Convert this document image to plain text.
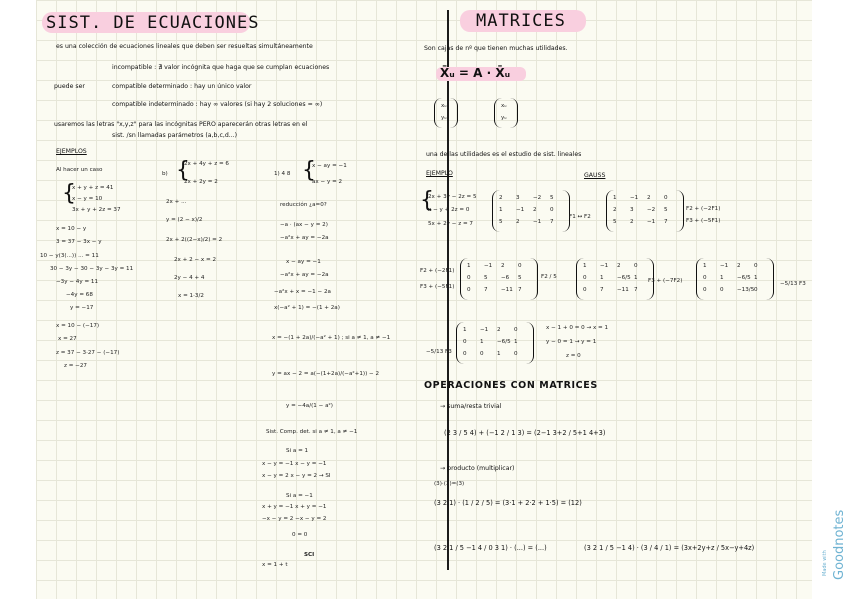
SIST. DE ECUACIONES
es una colección de ecuaciones lineales que deben ser resueltas simultáneamente
incompatible : ∄ valor incógnita que haga que se cumplan ecuaciones
puede ser	compatible determinado : hay un único valor
compatible indeterminado : hay ∞ valores (si hay 2 soluciones = ∞)
usaremos las letras "x,y,z" para las incógnitas PERO aparecerán otras letras en el
sist. /sn llamadas parámetros (a,b,c,d...)
EJEMPLOS
Al hacer un caso
{
x + y + z = 41
x − y = 10
3x + y + 2z = 37
x = 10 − y
3 = 37 − 3x − y
10 − y(3(...)) ... = 11
30 − 3y − 30 − 3y − 3y = 11
−3y − 4y = 11
−4y = 68
y = −17
x = 10 − (−17)
x = 27
z = 37 − 3·27 − (−17)
z = −27
b) {
2x + 4y + z = 6
2x + 2y = 2
2x + ...
y = (2 − x)/2
2x + 2((2−x)/2) = 2
2x + 2 − x = 2
2y − 4 + 4
x = 1·3/2
1) 4 8 {
x − ay = −1
ax − y = 2
reducción ¿a=0?
−a · (ax − y = 2)
−a²x + ay = −2a
x − ay = −1
−a²x + ay = −2a
−a²x + x = −1 − 2a
x(−a² + 1) = −(1 + 2a)
x = −(1 + 2a)/(−a² + 1) ; si a ≠ 1, a ≠ −1
y = ax − 2 = a(−(1+2a)/(−a²+1)) − 2
y = −4a/(1 − a²)
Sist. Comp. det. si a ≠ 1, a ≠ −1
Si a = 1
x − y = −1 x − y = −1
x − y = 2 x − y = 2 → SI
Si a = −1
x + y = −1 x + y = −1
−x − y = 2 −x − y = 2
0 = 0
x = 1 + t
SCI
MATRICES
Son cajas de nº que tienen muchas utilidades.
X̄ᵤ = A · X̄ᵤ
xᵤ
yᵤ
xᵤ
yᵤ
una de las utilidades es el estudio de sist. lineales
EJEMPLO	GAUSS
{
2x + 3y − 2z = 5
x − y + 2z = 0
5x + 2y − z = 7
2 3 −2 5
1 −1 2 0
5 2 −1 7
1 −1 2 0
2 3 −2 5
5 2 −1 7
1 −1 2 0
0 5 −6 5
0 7 −11 7
1 −1 2 0
0 1 −6/5 1
0 7 −11 7
1 −1 2 0
0 1 −6/5 1
0 0 −13/5 0
1 −1 2 0
0 1 −6/5 1
0 0 1 0
F1 ↔ F2
F2 + (−2F1)
F3 + (−5F1)
F2 + (−2F1)
F3 + (−5F1)
F2 / 5
F3 + (−7F2)	−5/13 F3
−5/13 F3
x − 1 + 0 = 0 → x = 1
y − 0 = 1 → y = 1
z = 0
OPERACIONES CON MATRICES
→ suma/resta trivial
(2 3 / 5 4) + (−1 2 / 1 3) = (2−1 3+2 / 5+1 4+3)
→ producto (multiplicar)
(3)·(3)=(3)
(3 2 1) · (1 / 2 / 5) = (3·1 + 2·2 + 1·5) = (12)
(3 2 1 / 5 −1 4 / 0 3 1) · (...) = (...)	(3 2 1 / 5 −1 4) · (3 / 4 / 1) = (3x+2y+z / 5x−y+4z)	Goodnotes
Made with
